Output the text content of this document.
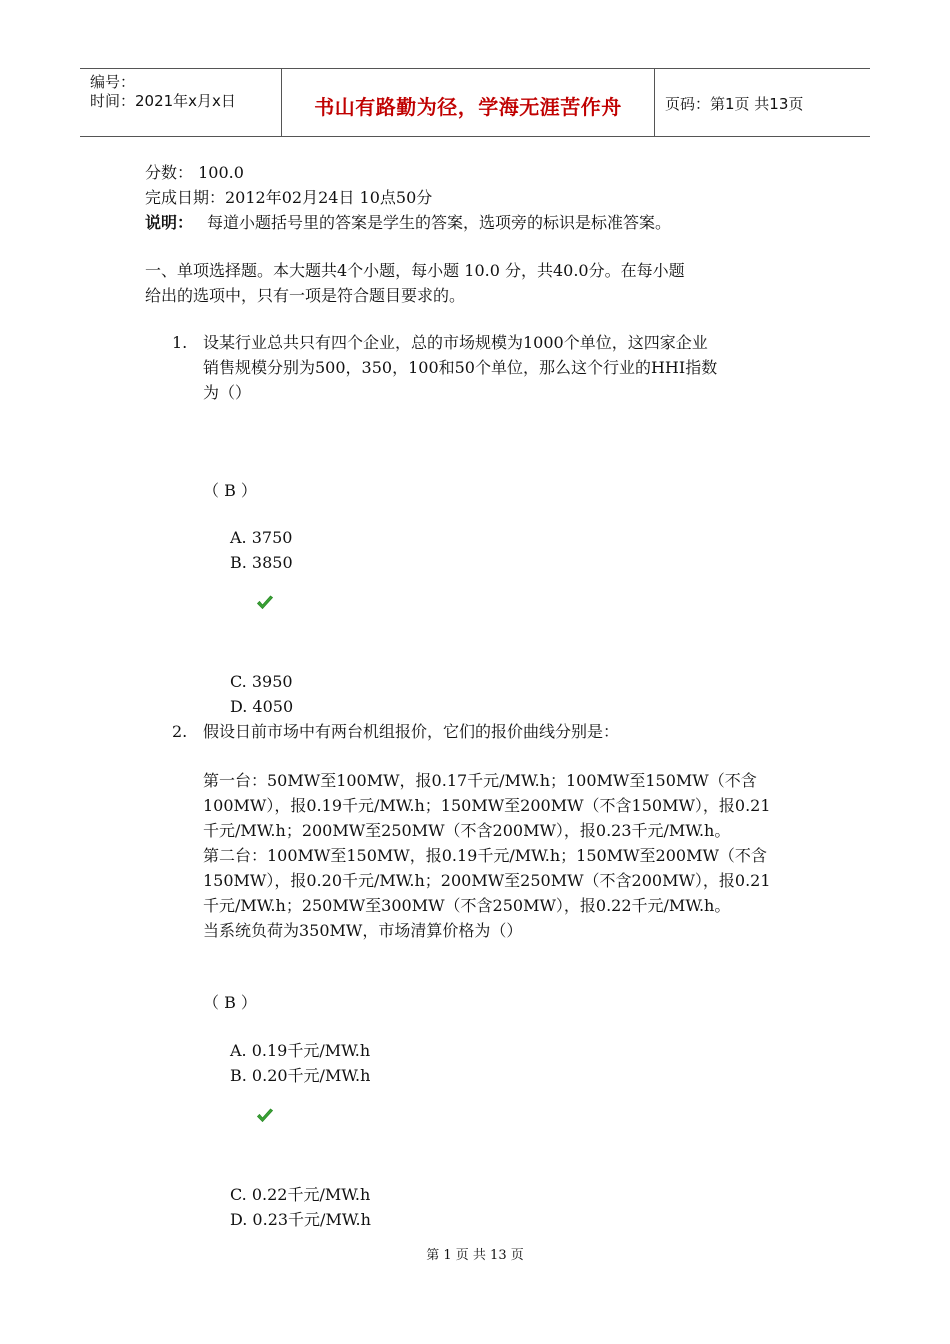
编号：
时间：2021年x月x日	书山有路勤为径，学海无涯苦作舟	页码：第1页 共13页
分数： 100.0
完成日期：2012年02月24日 10点50分
说明： 每道小题括号里的答案是学生的答案，选项旁的标识是标准答案。
一、单项选择题。本大题共4个小题，每小题 10.0 分，共40.0分。在每小题
给出的选项中，只有一项是符合题目要求的。
1. 设某行业总共只有四个企业，总的市场规模为1000个单位，这四家企业
销售规模分别为500，350，100和50个单位，那么这个行业的HHI指数
为（）
（ B ）
A. 3750
B. 3850
C. 3950
D. 4050
2. 假设日前市场中有两台机组报价，它们的报价曲线分别是：
第一台：50MW至100MW，报0.17千元/MW.h；100MW至150MW（不含
100MW），报0.19千元/MW.h；150MW至200MW（不含150MW），报0.21
千元/MW.h；200MW至250MW（不含200MW），报0.23千元/MW.h。
第二台：100MW至150MW，报0.19千元/MW.h；150MW至200MW（不含
150MW），报0.20千元/MW.h；200MW至250MW（不含200MW），报0.21
千元/MW.h；250MW至300MW（不含250MW），报0.22千元/MW.h。
当系统负荷为350MW，市场清算价格为（）
（ B ）
A. 0.19千元/MW.h
B. 0.20千元/MW.h
C. 0.22千元/MW.h
D. 0.23千元/MW.h
第 1 页 共 13 页
